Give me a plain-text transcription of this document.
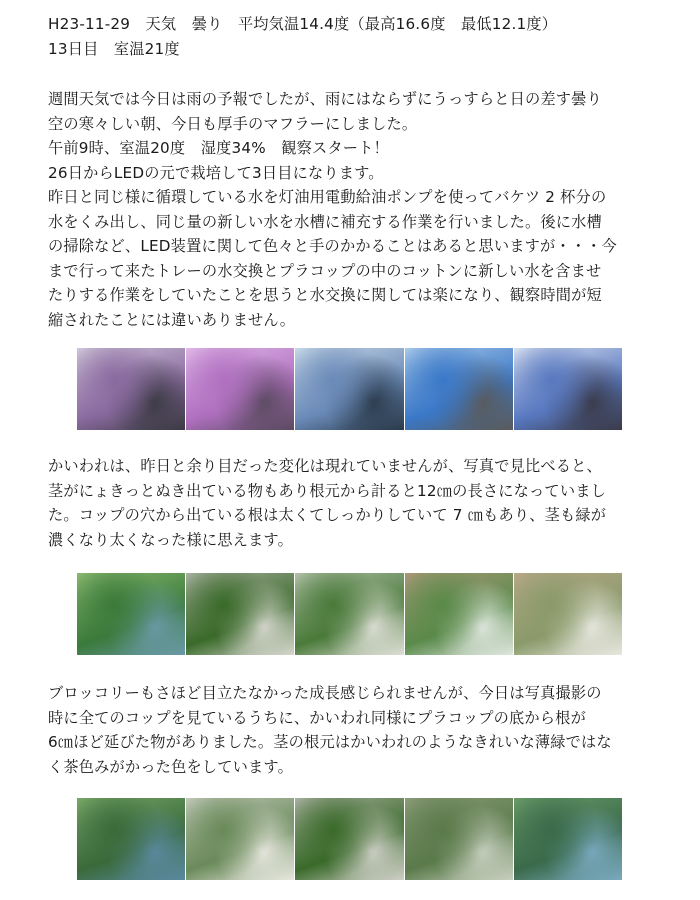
H23-11-29　天気　曇り　平均気温14.4度（最高16.6度　最低12.1度）
13日目　室温21度
週間天気では今日は雨の予報でしたが、雨にはならずにうっすらと日の差す曇り
空の寒々しい朝、今日も厚手のマフラーにしました。
午前9時、室温20度　湿度34%　観察スタート！
26日からLEDの元で栽培して3日目になります。
昨日と同じ様に循環している水を灯油用電動給油ポンプを使ってバケツ 2 杯分の
水をくみ出し、同じ量の新しい水を水槽に補充する作業を行いました。後に水槽
の掃除など、LED装置に関して色々と手のかかることはあると思いますが・・・今
まで行って来たトレーの水交換とプラコップの中のコットンに新しい水を含ませ
たりする作業をしていたことを思うと水交換に関しては楽になり、観察時間が短
縮されたことには違いありません。
かいわれは、昨日と余り目だった変化は現れていませんが、写真で見比べると、
茎がにょきっとぬき出ている物もあり根元から計ると12㎝の長さになっていまし
た。コップの穴から出ている根は太くてしっかりしていて 7 ㎝もあり、茎も緑が
濃くなり太くなった様に思えます。
ブロッコリーもさほど目立たなかった成長感じられませんが、今日は写真撮影の
時に全てのコップを見ているうちに、かいわれ同様にプラコップの底から根が
6㎝ほど延びた物がありました。茎の根元はかいわれのようなきれいな薄緑ではな
く茶色みがかった色をしています。
